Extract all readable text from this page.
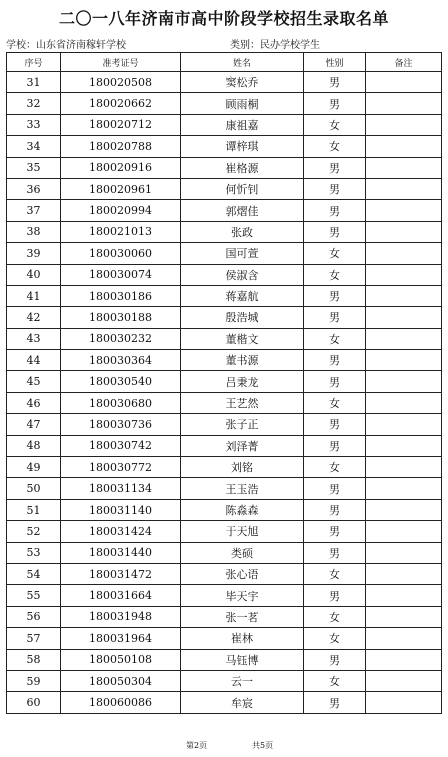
二〇一八年济南市高中阶段学校招生录取名单
学校：山东省济南稼轩学校	类别：民办学校学生
序号	准考证号	姓名	性别	备注
31	180020508	窦松乔	男	
32	180020662	顾雨桐	男	
33	180020712	康祖嘉	女	
34	180020788	谭梓琪	女	
35	180020916	崔格源	男	
36	180020961	何忻钊	男	
37	180020994	郭熠佳	男	
38	180021013	张政	男	
39	180030060	国可萱	女	
40	180030074	侯淑含	女	
41	180030186	蒋嘉航	男	
42	180030188	殷浩城	男	
43	180030232	董楷文	女	
44	180030364	董书源	男	
45	180030540	吕秉龙	男	
46	180030680	王艺然	女	
47	180030736	张子正	男	
48	180030742	刘泽菁	男	
49	180030772	刘铭	女	
50	180031134	王玉浩	男	
51	180031140	陈淼森	男	
52	180031424	于天旭	男	
53	180031440	类硕	男	
54	180031472	张心语	女	
55	180031664	毕天宇	男	
56	180031948	张一茗	女	
57	180031964	崔林	女	
58	180050108	马钰博	男	
59	180050304	云一	女	
60	180060086	牟宸	男	
第2页	共5页
